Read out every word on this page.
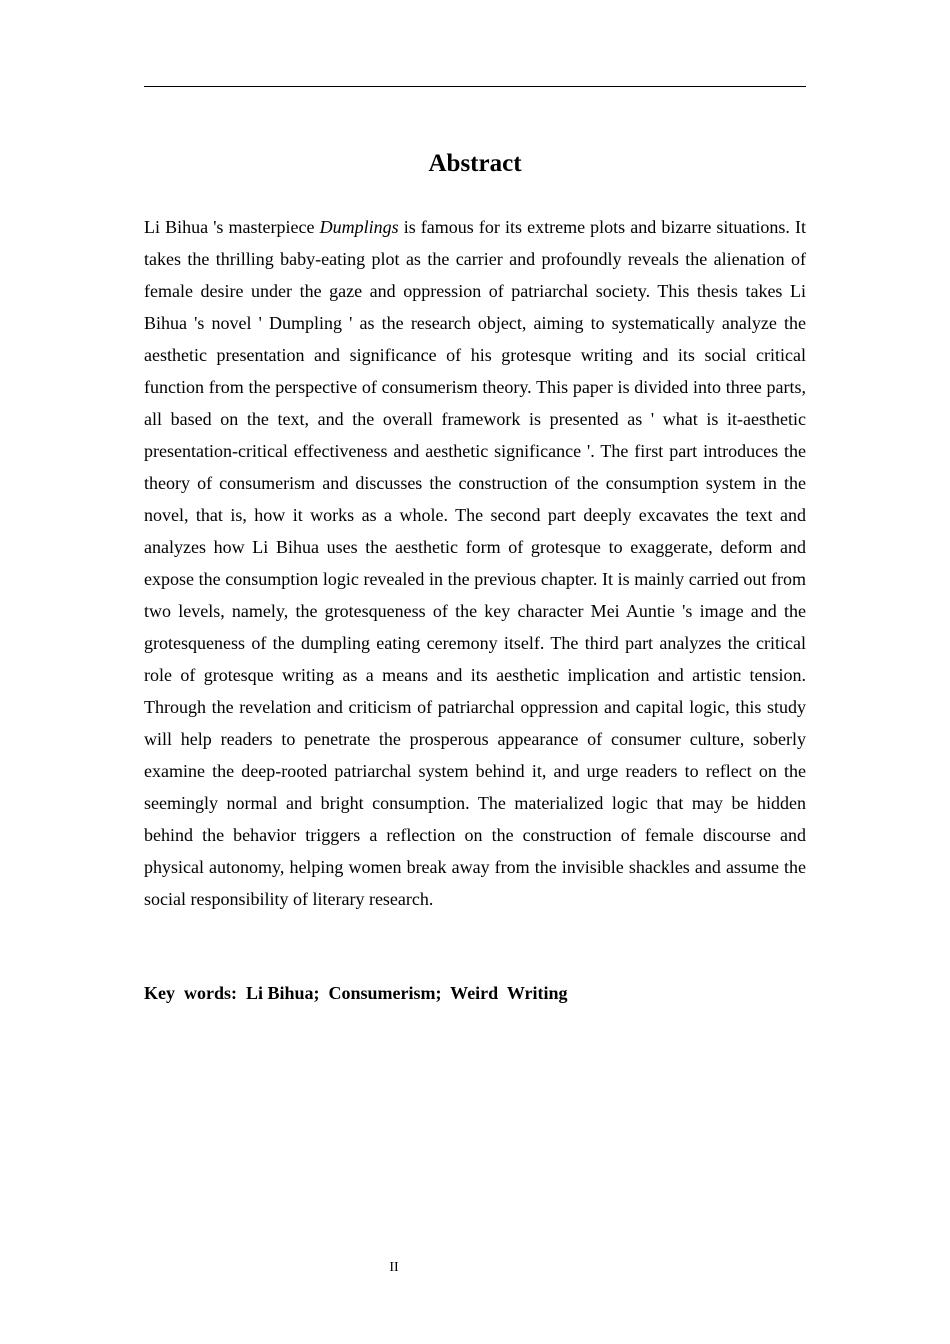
Abstract

Li Bihua 's masterpiece Dumplings is famous for its extreme plots and bizarre situations. It takes the thrilling baby-eating plot as the carrier and profoundly reveals the alienation of female desire under the gaze and oppression of patriarchal society. This thesis takes Li Bihua 's novel ' Dumpling ' as the research object, aiming to systematically analyze the aesthetic presentation and significance of his grotesque writing and its social critical function from the perspective of consumerism theory. This paper is divided into three parts, all based on the text, and the overall framework is presented as ' what is it-aesthetic presentation-critical effectiveness and aesthetic significance '. The first part introduces the theory of consumerism and discusses the construction of the consumption system in the novel, that is, how it works as a whole. The second part deeply excavates the text and analyzes how Li Bihua uses the aesthetic form of grotesque to exaggerate, deform and expose the consumption logic revealed in the previous chapter. It is mainly carried out from two levels, namely, the grotesqueness of the key character Mei Auntie 's image and the grotesqueness of the dumpling eating ceremony itself. The third part analyzes the critical role of grotesque writing as a means and its aesthetic implication and artistic tension. Through the revelation and criticism of patriarchal oppression and capital logic, this study will help readers to penetrate the prosperous appearance of consumer culture, soberly examine the deep-rooted patriarchal system behind it, and urge readers to reflect on the seemingly normal and bright consumption. The materialized logic that may be hidden behind the behavior triggers a reflection on the construction of female discourse and physical autonomy, helping women break away from the invisible shackles and assume the social responsibility of literary research.

Key  words:  Li Bihua;  Consumerism;  Weird  Writing

II
